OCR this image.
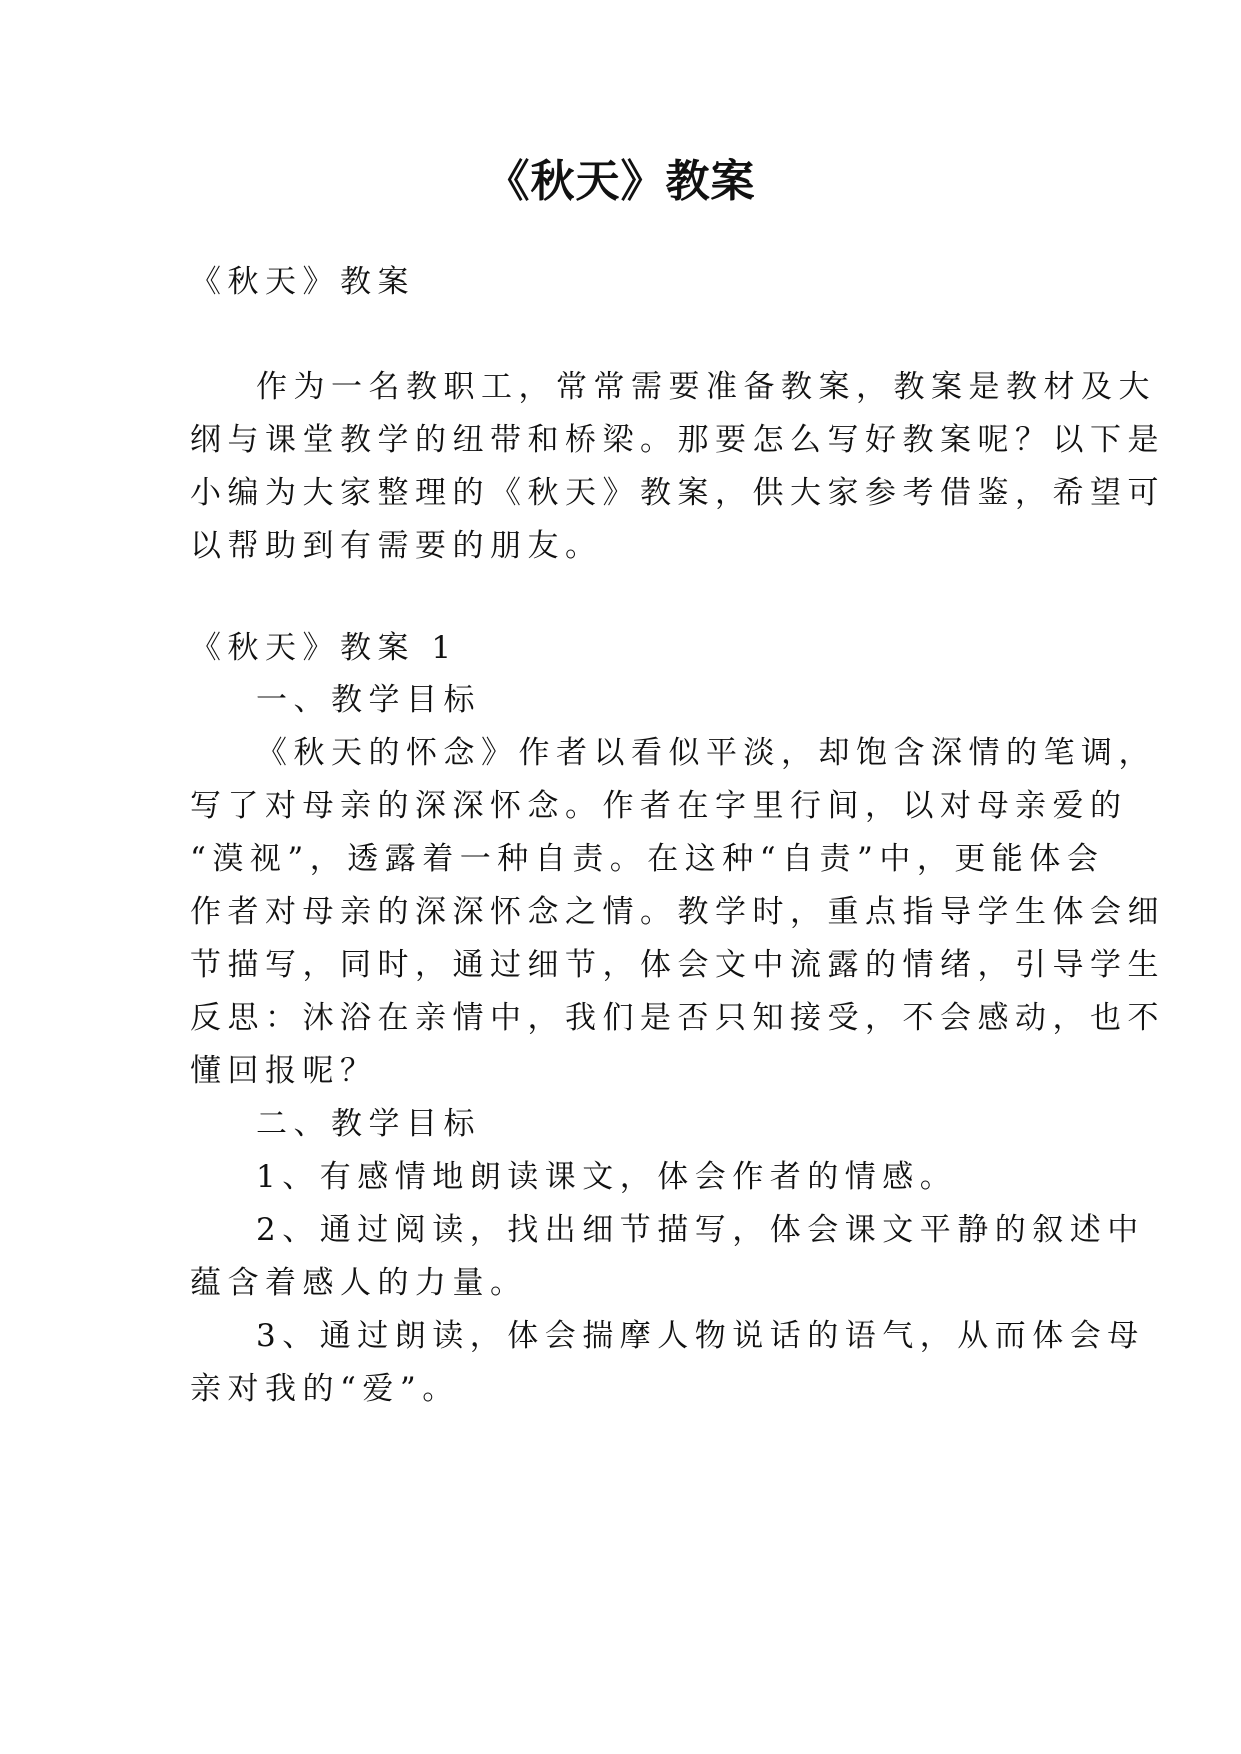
《秋天》教案

《秋天》教案

作为一名教职工，常常需要准备教案，教案是教材及大

纲与课堂教学的纽带和桥梁。那要怎么写好教案呢？以下是

小编为大家整理的《秋天》教案，供大家参考借鉴，希望可

以帮助到有需要的朋友。

《秋天》教案 1

一、教学目标

《秋天的怀念》作者以看似平淡，却饱含深情的笔调，

写了对母亲的深深怀念。作者在字里行间，以对母亲爱的

“漠视”，透露着一种自责。在这种“自责”中，更能体会

作者对母亲的深深怀念之情。教学时，重点指导学生体会细

节描写，同时，通过细节，体会文中流露的情绪，引导学生

反思：沐浴在亲情中，我们是否只知接受，不会感动，也不

懂回报呢？

二、教学目标

1、有感情地朗读课文，体会作者的情感。

2、通过阅读，找出细节描写，体会课文平静的叙述中

蕴含着感人的力量。

3、通过朗读，体会揣摩人物说话的语气，从而体会母

亲对我的“爱”。
